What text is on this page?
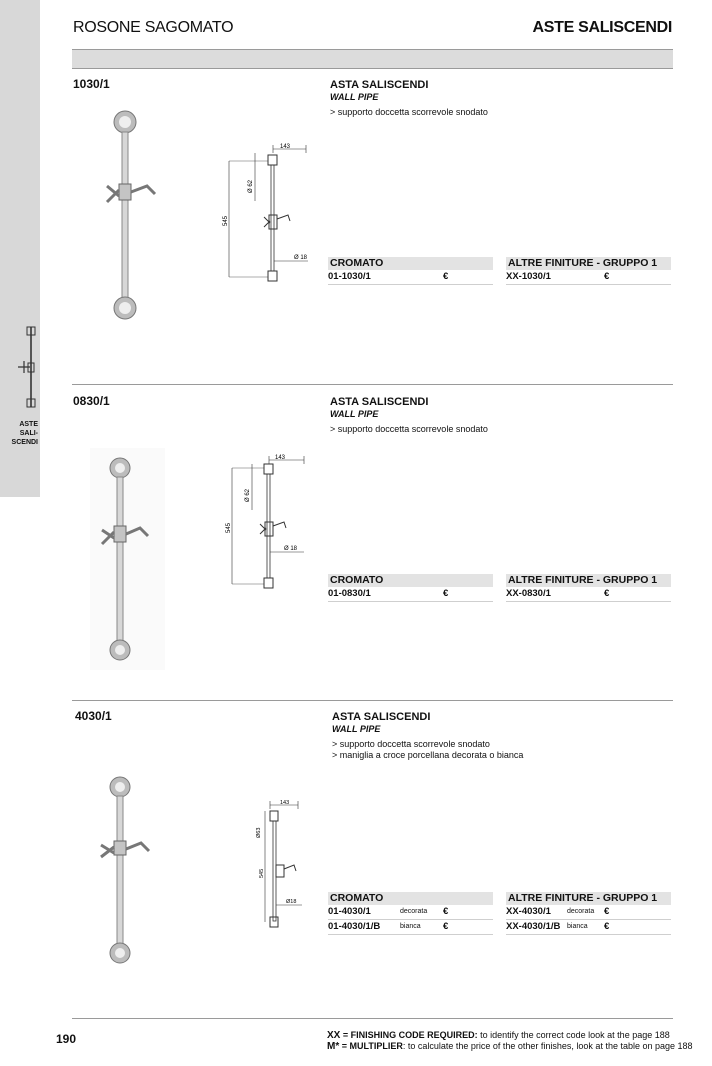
ASTE
SALI-
SCENDI
ROSONE SAGOMATO	ASTE SALISCENDI
1030/1	ASTA SALISCENDI
WALL PIPE
> supporto doccetta scorrevole snodato
143
545
Ø 62
Ø 18 CROMATO
01-1030/1	€
ALTRE FINITURE - GRUPPO 1
XX-1030/1	€
0830/1	ASTA SALISCENDI
WALL PIPE
> supporto doccetta scorrevole snodato
143
545
Ø 62
Ø 18
CROMATO
01-0830/1	€
ALTRE FINITURE - GRUPPO 1
XX-0830/1	€
4030/1	ASTA SALISCENDI
WALL PIPE
> supporto doccetta scorrevole snodato
> maniglia a croce porcellana decorata o bianca
143
Ø63
545
Ø18	CROMATO
01-4030/1	decorata €
01-4030/1/B	bianca €
ALTRE FINITURE - GRUPPO 1
XX-4030/1 decorata €
XX-4030/1/B bianca €
190	XX = FINISHING CODE REQUIRED: to identify the correct code look at the page 188
M* = MULTIPLIER: to calculate the price of the other finishes, look at the table on page 188
